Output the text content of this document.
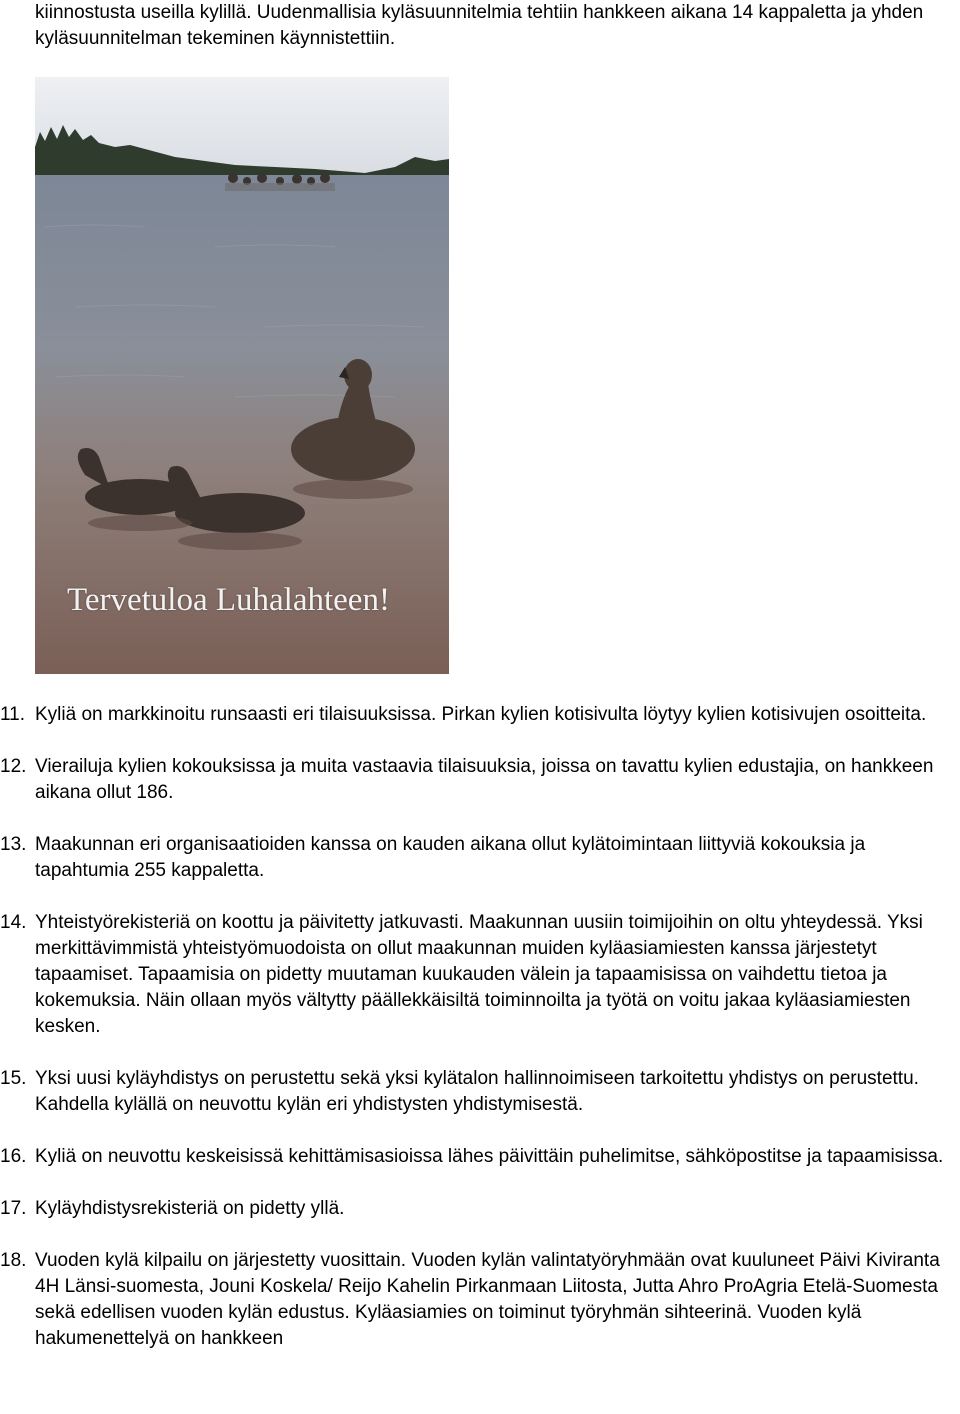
kiinnostusta useilla kylillä. Uudenmallisia kyläsuunnitelmia tehtiin hankkeen aikana 14 kappaletta ja yhden kyläsuunnitelman tekeminen käynnistettiin.

Tervetuloa Luhalahteen!
11. Kyliä on markkinoitu runsaasti eri tilaisuuksissa. Pirkan kylien kotisivulta löytyy kylien kotisivujen osoitteita.
12. Vierailuja kylien kokouksissa ja muita vastaavia tilaisuuksia, joissa on tavattu kylien edustajia, on hankkeen aikana ollut 186.
13. Maakunnan eri organisaatioiden kanssa on kauden aikana ollut kylätoimintaan liittyviä kokouksia ja tapahtumia 255 kappaletta.
14. Yhteistyörekisteriä on koottu ja päivitetty jatkuvasti. Maakunnan uusiin toimijoihin on oltu yhteydessä. Yksi merkittävimmistä yhteistyömuodoista on ollut maakunnan muiden kyläasiamiesten kanssa järjestetyt tapaamiset. Tapaamisia on pidetty muutaman kuukauden välein ja tapaamisissa on vaihdettu tietoa ja kokemuksia. Näin ollaan myös vältytty päällekkäisiltä toiminnoilta ja työtä on voitu jakaa kyläasiamiesten kesken.
15. Yksi uusi kyläyhdistys on perustettu sekä yksi kylätalon hallinnoimiseen tarkoitettu yhdistys on perustettu. Kahdella kylällä on neuvottu kylän eri yhdistysten yhdistymisestä.
16. Kyliä on neuvottu keskeisissä kehittämisasioissa lähes päivittäin puhelimitse, sähköpostitse ja tapaamisissa.
17. Kyläyhdistysrekisteriä on pidetty yllä.
18. Vuoden kylä kilpailu on järjestetty vuosittain. Vuoden kylän valintatyöryhmään ovat kuuluneet Päivi Kiviranta 4H Länsi-suomesta, Jouni Koskela/ Reijo Kahelin Pirkanmaan Liitosta, Jutta Ahro ProAgria Etelä-Suomesta sekä edellisen vuoden kylän edustus. Kyläasiamies on toiminut työryhmän sihteerinä. Vuoden kylä hakumenettelyä on hankkeen
